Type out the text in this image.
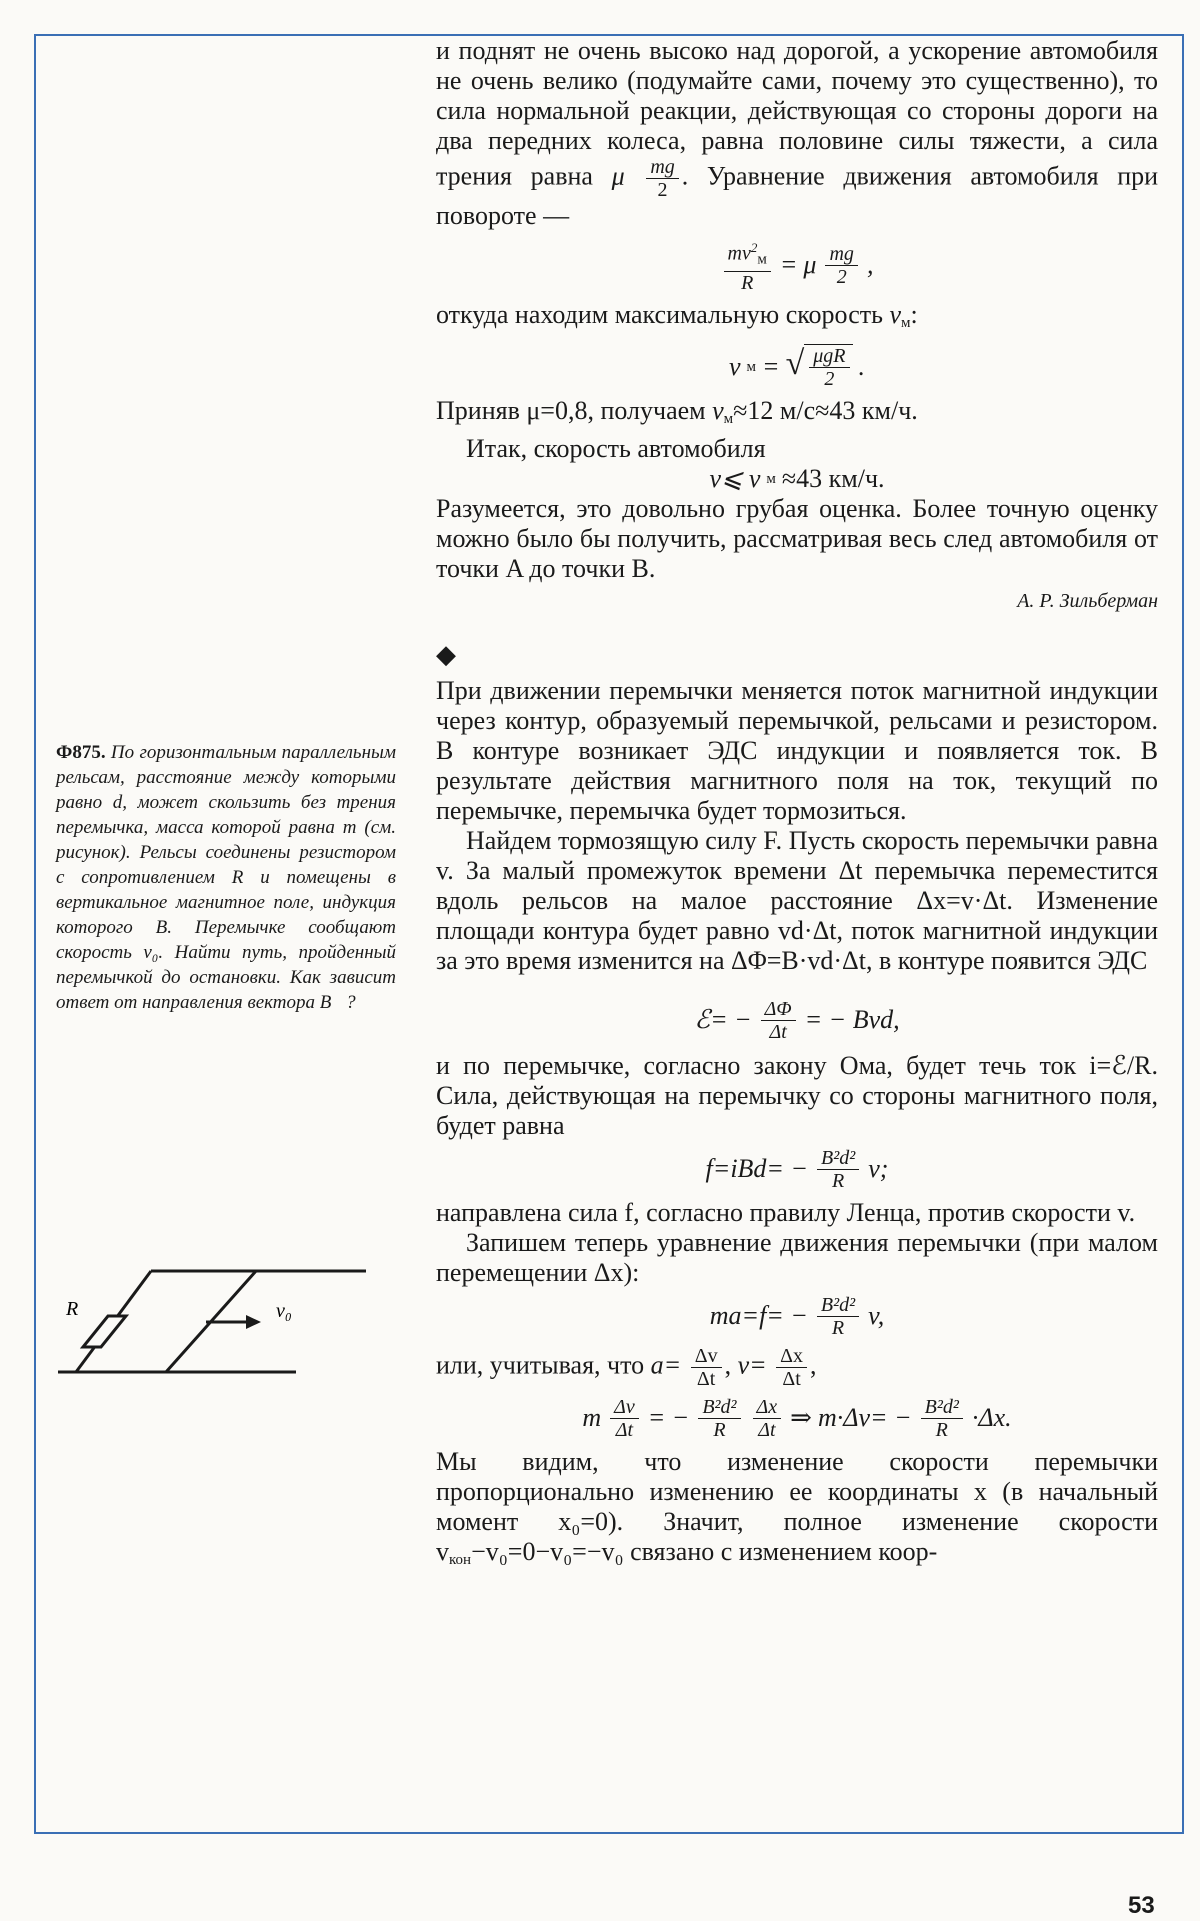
и поднят не очень высоко над дорогой, а ускорение автомобиля не очень велико (подумайте сами, почему это существенно), то сила нормальной реакции, действующая со стороны дороги на два передних колеса, равна половине силы тяжести, а сила трения равна μ $\frac{mg}{2}$ . Уравнение движения автомобиля при повороте —

$\frac{mv^2_м}{R} = \mu \frac{mg}{2}$ ,

откуда находим максимальную скорость $v_м$:

v м = √ $\frac{\text{μgR}}{2}$ .

Приняв μ=0,8, получаем $v_м\approx 12$ м/с≈43 км/ч.

Итак, скорость автомобиля

v⩽ v м ≈43 км/ч.

Разумеется, это довольно грубая оценка. Более точную оценку можно было бы получить, рассматривая весь след автомобиля от точки A до точки B.

А. Р. Зильберман

◆

При движении перемычки меняется поток магнитной индукции через контур, образуемый перемычкой, рельсами и резистором. В контуре возникает ЭДС индукции и появляется ток. В результате действия магнитного поля на ток, текущий по перемычке, перемычка будет тормозиться.

Найдем тормозящую силу F. Пусть скорость перемычки равна v. За малый промежуток времени Δt перемычка переместится вдоль рельсов на малое расстояние Δx=v·Δt. Изменение площади контура будет равно vd·Δt, поток магнитной индукции за это время изменится на ΔΦ=B·vd·Δt, в контуре появится ЭДС

ℰ= − $\frac{\Delta\Phi}{\Delta t}$ = − Bvd,

и по перемычке, согласно закону Ома, будет течь ток i=ℰ/R. Сила, действующая на перемычку со стороны магнитного поля, будет равна

$f=iBd= - \frac{\text{B²d²}}{R} v$;

направлена сила f, согласно правилу Ленца, против скорости v.

Запишем теперь уравнение движения перемычки (при малом перемещении Δx):

$ma=f= - \frac{\text{B²d²}}{R} v$,

или, учитывая, что $a= \frac{\Delta v}{\Delta t}$ , $v= \frac{\Delta x}{\Delta t}$ ,

m $\frac{\Delta v}{\Delta t}$ = − $\frac{\text{B²d²}}{R} \frac{\Delta x}{\Delta t}$ ⇒ $m\cdot\Delta v= - \frac{\text{B²d²}}{R} \cdot\Delta x$.

Мы видим, что изменение скорости перемычки пропорционально изменению ее координаты x (в начальный момент x₀=0). Значит, полное изменение скорости $v_{кон}-v_0=0-v_0=-v_0$ связано с изменением коор-

Ф875. По горизонтальным параллельным рельсам, расстояние между которыми равно d, может скользить без трения перемычка, масса которой равна m (см. рисунок). Рельсы соединены резистором с сопротивлением R и помещены в вертикальное магнитное поле, индукция которого B. Перемычке сообщают скорость v₀. Найти путь, пройденный перемычкой до остановки. Как зависит ответ от направления вектора B⃗?
R	v₀
53
